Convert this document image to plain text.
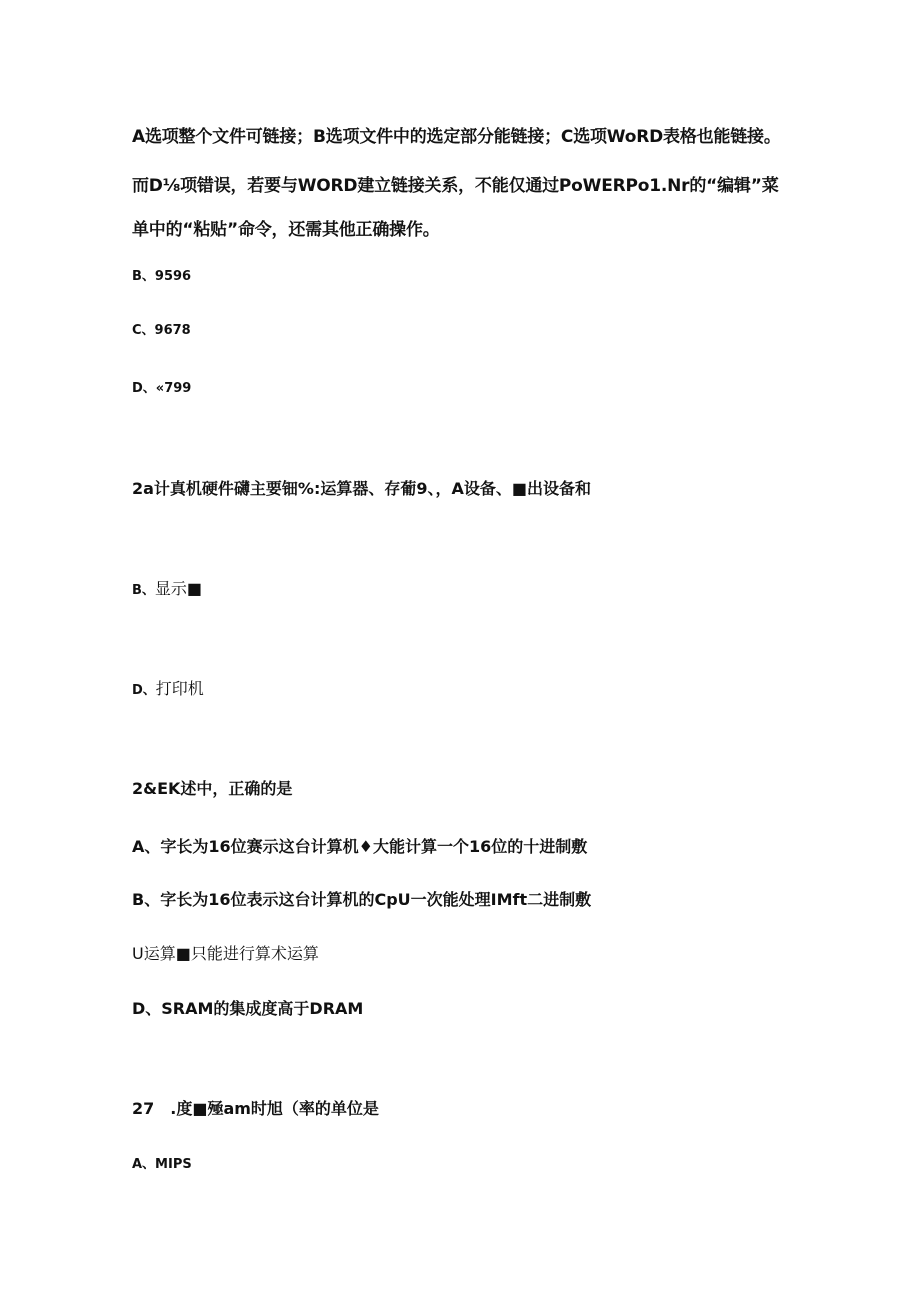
A选项整个文件可链接；B选项文件中的选定部分能链接；C选项WoRD表格也能链接。

而D⅛项错误，若要与WORD建立链接关系，不能仅通过PoWERPo1.Nr的“编辑”菜

单中的“粘贴”命令，还需其他正确操作。

B、9596

C、9678

D、«799

2a计真机硬件礴主要钿%:运算器、存葡9、，A设备、■出设备和

B、显示■

D、打印机

2&EK述中，正确的是

A、字长为16位赛示这台计算机♦大能计算一个16位的十进制敷

B、字长为16位表示这台计算机的CpU一次能处理IMft二进制敷

U运算■只能进行算术运算

D、SRAM的集成度高于DRAM

27 .度■殛am时旭（率的单位是

A、MIPS
